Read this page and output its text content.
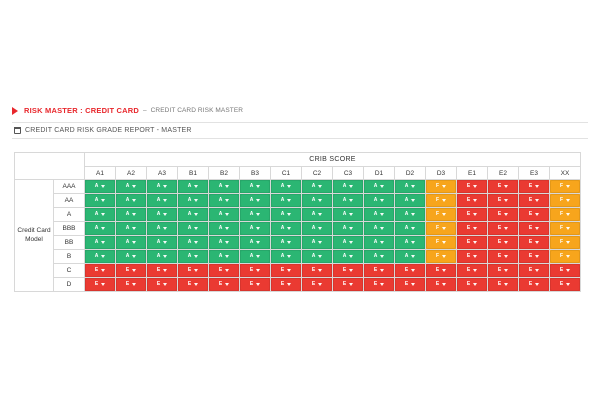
RISK MASTER : CREDIT CARD – CREDIT CARD RISK MASTER
CREDIT CARD RISK GRADE REPORT - MASTER
		CRIB SCORE															
		A1	A2	A3	B1	B2	B3	C1	C2	C3	D1	D2	D3	E1	E2	E3	XX
Credit Card Model	AAA	A	A	A	A	A	A	A	A	A	A	A	F	E	E	E	F

	AA	A	A	A	A	A	A	A	A	A	A	A	F	E	E	E	F

	A	A	A	A	A	A	A	A	A	A	A	A	F	E	E	E	F

	BBB	A	A	A	A	A	A	A	A	A	A	A	F	E	E	E	F

	BB	A	A	A	A	A	A	A	A	A	A	A	F	E	E	E	F

	B	A	A	A	A	A	A	A	A	A	A	A	F	E	E	E	F

	C	E	E	E	E	E	E	E	E	E	E	E	E	E	E	E	E

	D	E	E	E	E	E	E	E	E	E	E	E	E	E	E	E	E
